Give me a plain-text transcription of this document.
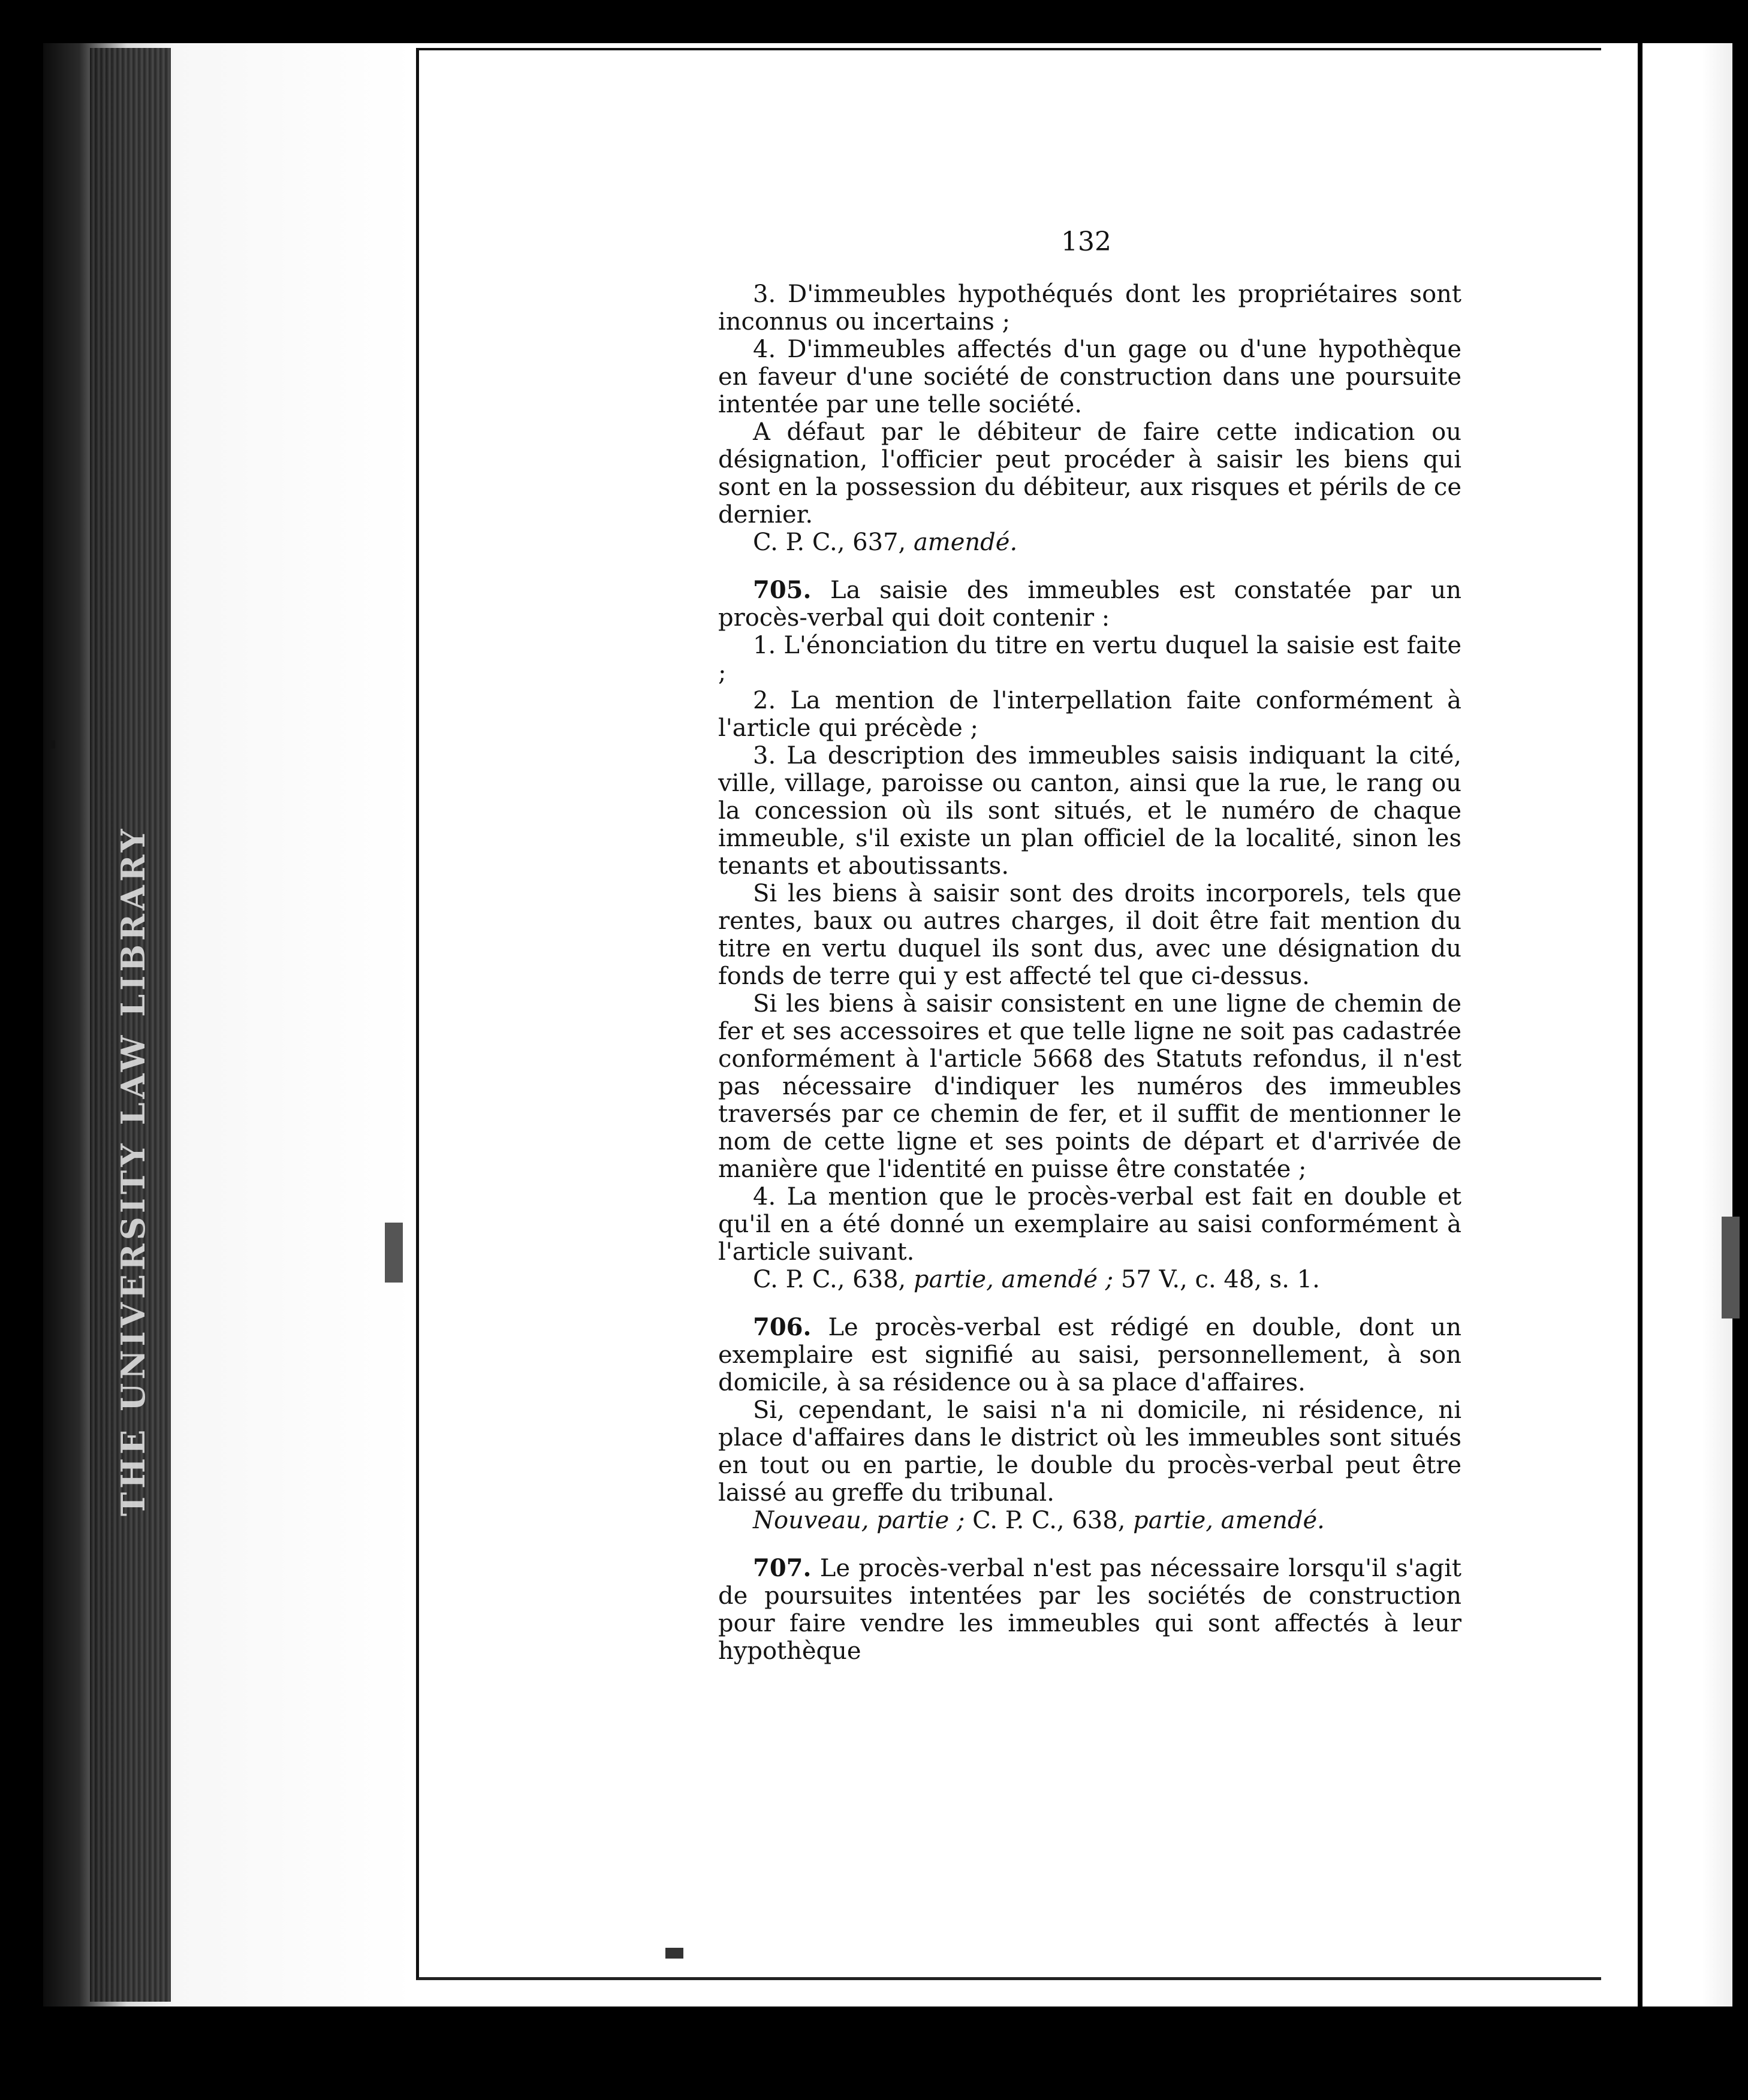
THE UNIVERSITY LAW LIBRARY
132

3. D'immeubles hypothéqués dont les propriétaires sont inconnus ou incertains ;

4. D'immeubles affectés d'un gage ou d'une hypothèque en faveur d'une société de construction dans une poursuite intentée par une telle société.

A défaut par le débiteur de faire cette indication ou désignation, l'officier peut procéder à saisir les biens qui sont en la possession du débiteur, aux risques et périls de ce dernier.

C. P. C., 637, amendé.

705. La saisie des immeubles est constatée par un procès-verbal qui doit contenir :

1. L'énonciation du titre en vertu duquel la saisie est faite ;

2. La mention de l'interpellation faite conformément à l'article qui précède ;

3. La description des immeubles saisis indiquant la cité, ville, village, paroisse ou canton, ainsi que la rue, le rang ou la concession où ils sont situés, et le numéro de chaque immeuble, s'il existe un plan officiel de la localité, sinon les tenants et aboutissants.

Si les biens à saisir sont des droits incorporels, tels que rentes, baux ou autres charges, il doit être fait mention du titre en vertu duquel ils sont dus, avec une désignation du fonds de terre qui y est affecté tel que ci-dessus.

Si les biens à saisir consistent en une ligne de chemin de fer et ses accessoires et que telle ligne ne soit pas cadastrée conformément à l'article 5668 des Statuts refondus, il n'est pas nécessaire d'indiquer les numéros des immeubles traversés par ce chemin de fer, et il suffit de mentionner le nom de cette ligne et ses points de départ et d'arrivée de manière que l'identité en puisse être constatée ;

4. La mention que le procès-verbal est fait en double et qu'il en a été donné un exemplaire au saisi conformément à l'article suivant.

C. P. C., 638, partie, amendé ; 57 V., c. 48, s. 1.

706. Le procès-verbal est rédigé en double, dont un exemplaire est signifié au saisi, personnellement, à son domicile, à sa résidence ou à sa place d'affaires.

Si, cependant, le saisi n'a ni domicile, ni résidence, ni place d'affaires dans le district où les immeubles sont situés en tout ou en partie, le double du procès-verbal peut être laissé au greffe du tribunal.

Nouveau, partie ; C. P. C., 638, partie, amendé.

707. Le procès-verbal n'est pas nécessaire lorsqu'il s'agit de poursuites intentées par les sociétés de construction pour faire vendre les immeubles qui sont affectés à leur hypothèque
